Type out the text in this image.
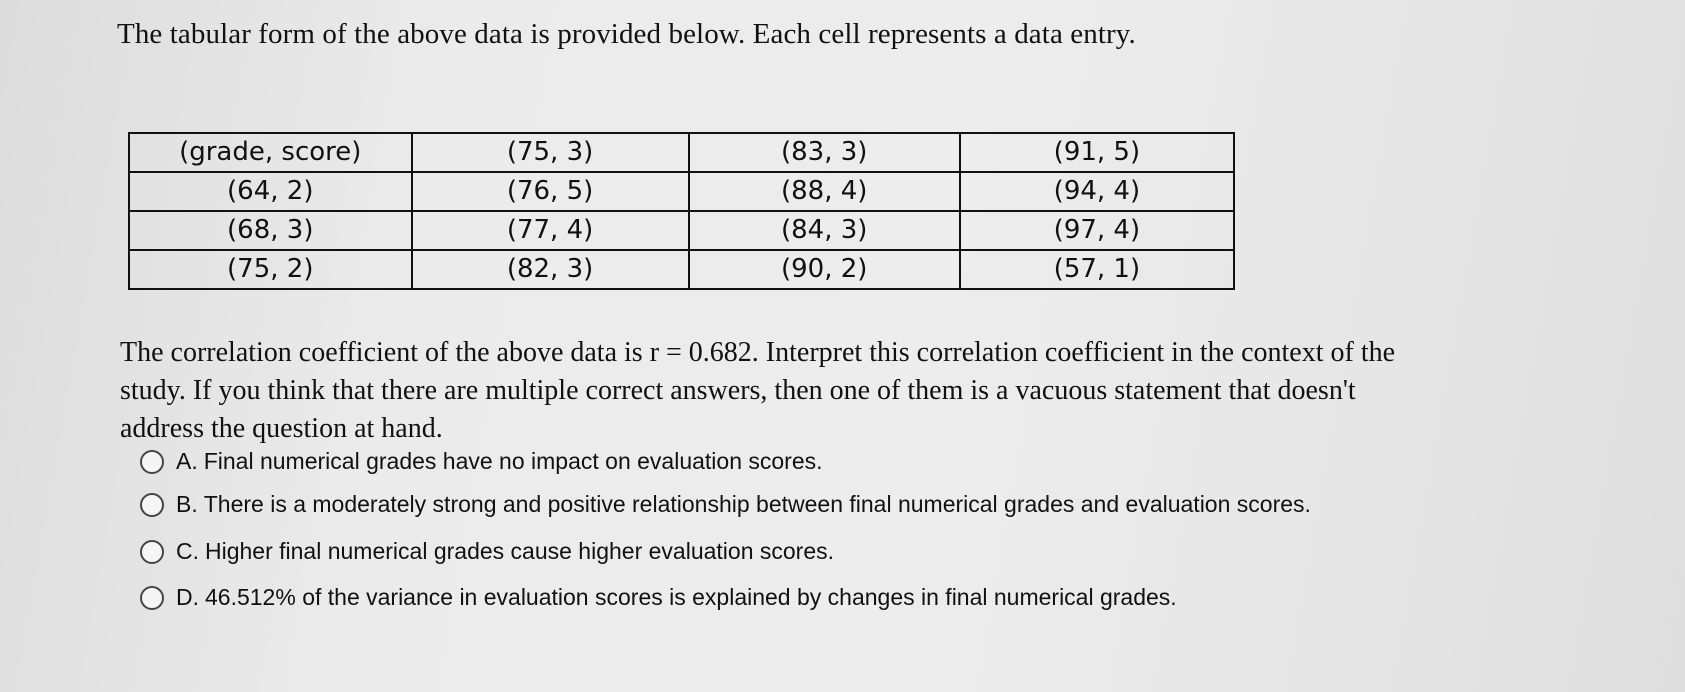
The tabular form of the above data is provided below. Each cell represents a data entry.

(grade, score)	(75, 3)	(83, 3)	(91, 5)
(64, 2)	(76, 5)	(88, 4)	(94, 4)
(68, 3)	(77, 4)	(84, 3)	(97, 4)
(75, 2)	(82, 3)	(90, 2)	(57, 1)
The correlation coefficient of the above data is r = 0.682. Interpret this correlation coefficient in the context of the
study. If you think that there are multiple correct answers, then one of them is a vacuous statement that doesn't
address the question at hand.
A. Final numerical grades have no impact on evaluation scores.
B. There is a moderately strong and positive relationship between final numerical grades and evaluation scores.
C. Higher final numerical grades cause higher evaluation scores.
D. 46.512% of the variance in evaluation scores is explained by changes in final numerical grades.
